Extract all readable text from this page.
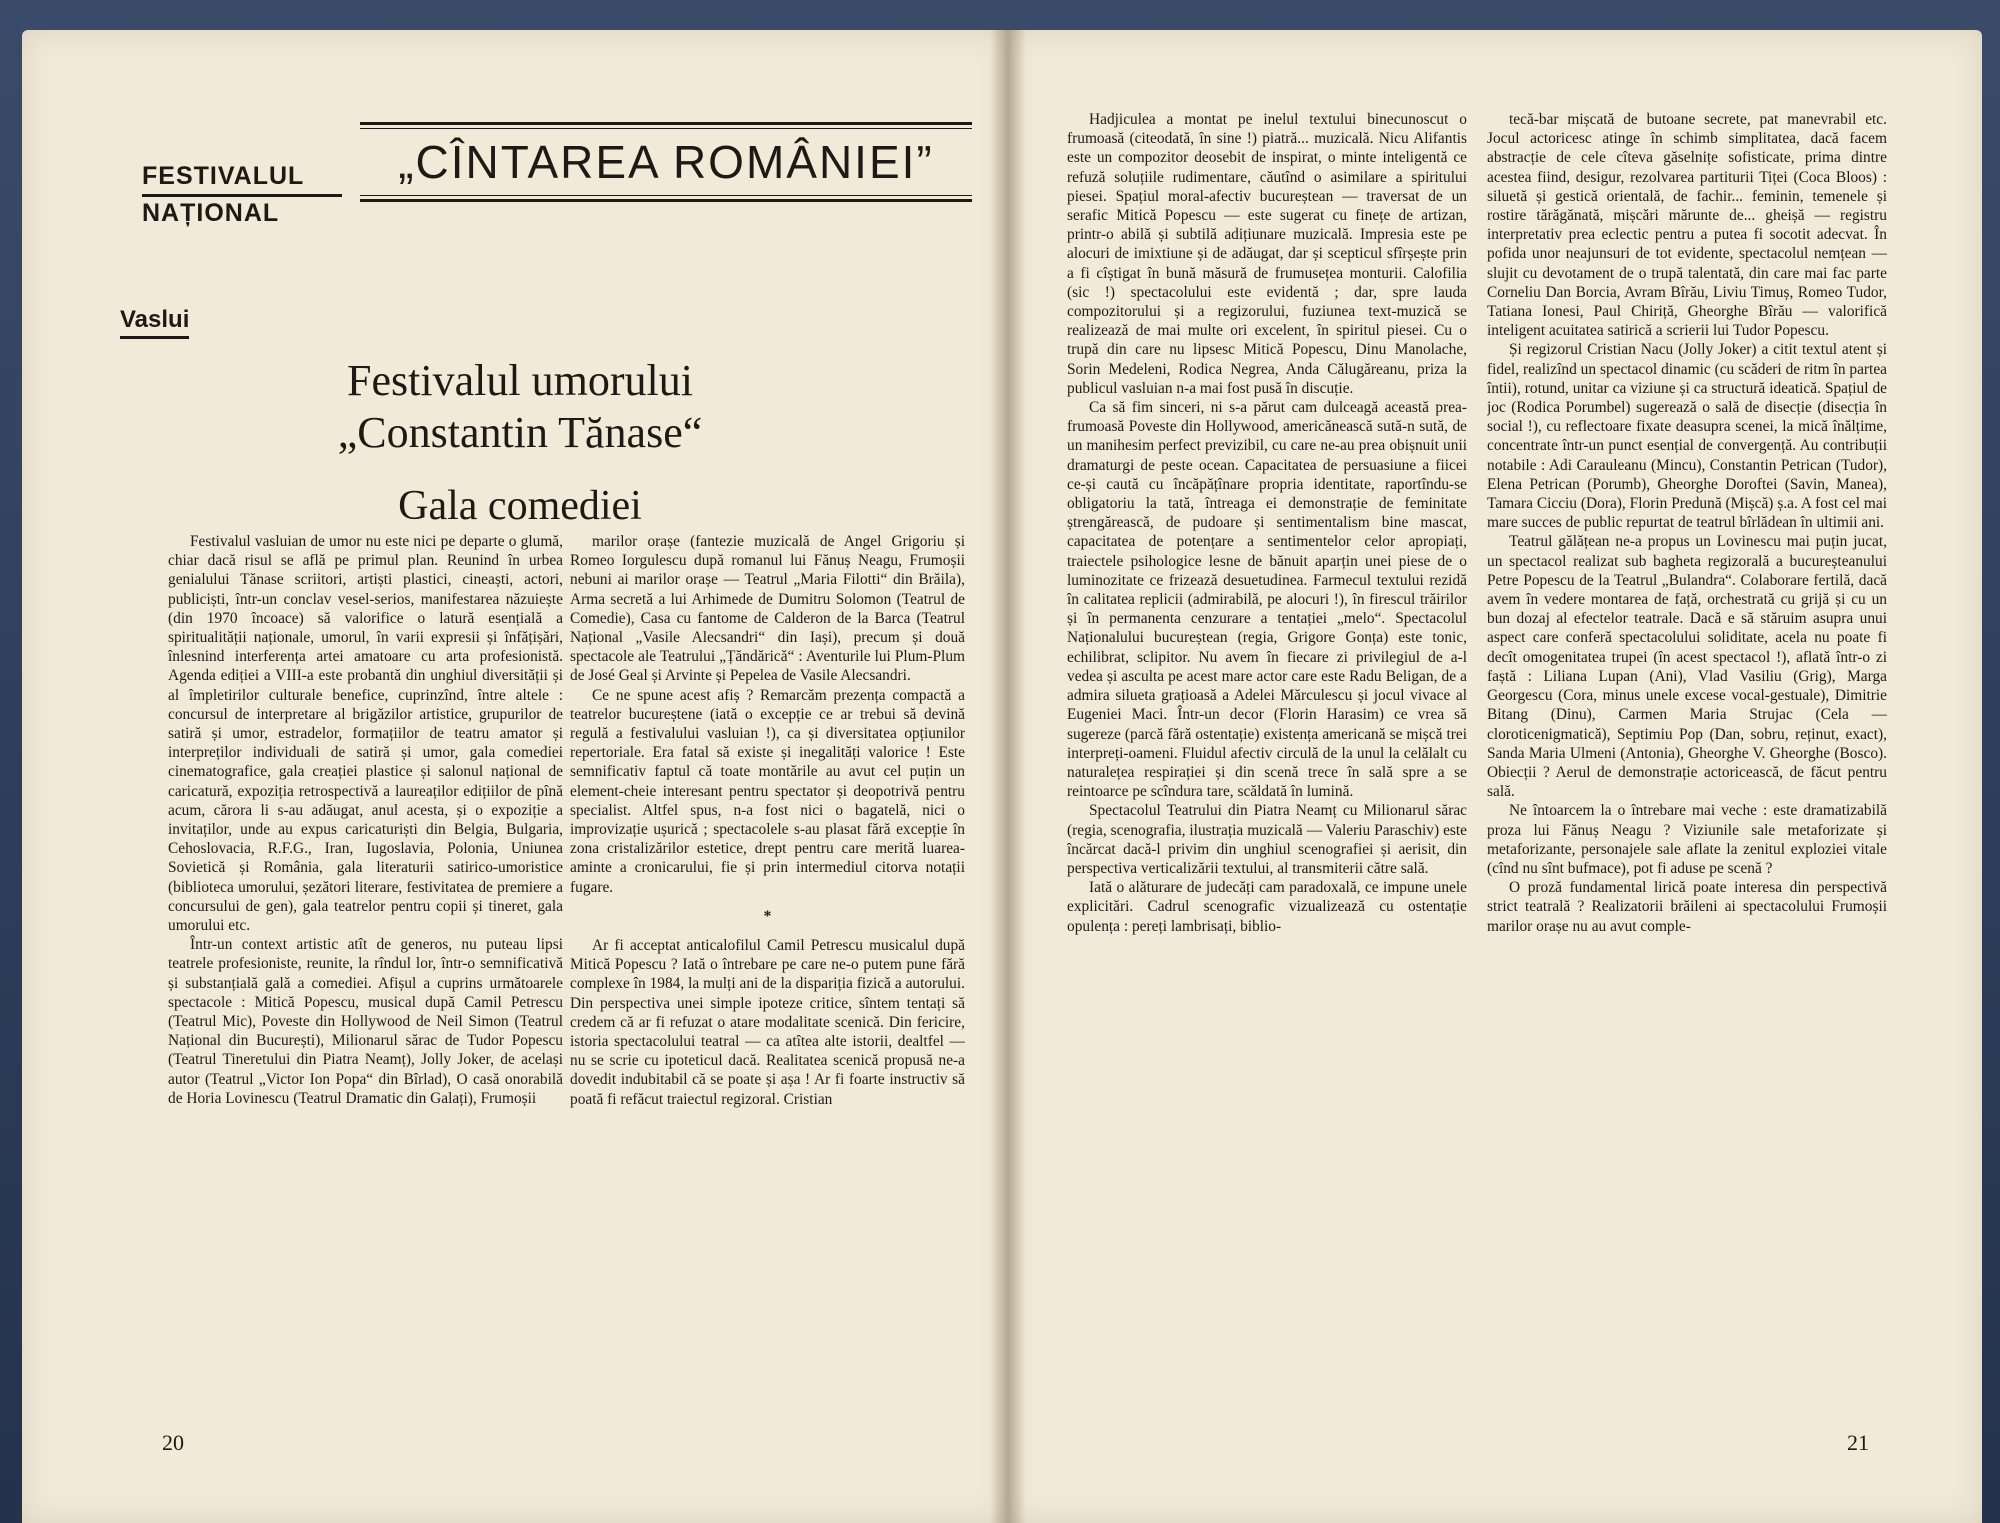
FESTIVALUL
NAȚIONAL
„CÎNTAREA ROMÂNIEI”
Vaslui
Festivalul umorului
„Constantin Tănase“
Gala comediei

Festivalul vasluian de umor nu este nici pe departe o glumă, chiar dacă risul se află pe primul plan. Reunind în urbea genialului Tănase scriitori, artiști plastici, cineaști, actori, publiciști, într-un conclav vesel-serios, manifestarea năzuiește (din 1970 încoace) să valorifice o latură esențială a spiritualității naționale, umorul, în varii expresii și înfățișări, înlesnind interferența artei amatoare cu arta profesionistă. Agenda ediției a VIII-a este probantă din unghiul diversității și al împletirilor culturale benefice, cuprinzînd, între altele : concursul de interpretare al brigăzilor artistice, grupurilor de satiră și umor, estradelor, formațiilor de teatru amator și interpreților individuali de satiră și umor, gala comediei cinematografice, gala creației plastice și salonul național de caricatură, expoziția retrospectivă a laureaților edițiilor de pînă acum, cărora li s-au adăugat, anul acesta, și o expoziție a invitaților, unde au expus caricaturiști din Belgia, Bulgaria, Cehoslovacia, R.F.G., Iran, Iugoslavia, Polonia, Uniunea Sovietică și România, gala literaturii satirico-umoristice (biblioteca umorului, șezători literare, festivitatea de premiere a concursului de gen), gala teatrelor pentru copii și tineret, gala umorului etc.

Într-un context artistic atît de generos, nu puteau lipsi teatrele profesioniste, reunite, la rîndul lor, într-o semnificativă și substanțială gală a comediei. Afișul a cuprins următoarele spectacole : Mitică Popescu, musical după Camil Petrescu (Teatrul Mic), Poveste din Hollywood de Neil Simon (Teatrul Național din București), Milionarul sărac de Tudor Popescu (Teatrul Tineretului din Piatra Neamț), Jolly Joker, de același autor (Teatrul „Victor Ion Popa“ din Bîrlad), O casă onorabilă de Horia Lovinescu (Teatrul Dramatic din Galați), Frumoșii

marilor orașe (fantezie muzicală de Angel Grigoriu și Romeo Iorgulescu după romanul lui Fănuș Neagu, Frumoșii nebuni ai marilor orașe — Teatrul „Maria Filotti“ din Brăila), Arma secretă a lui Arhimede de Dumitru Solomon (Teatrul de Comedie), Casa cu fantome de Calderon de la Barca (Teatrul Național „Vasile Alecsandri“ din Iași), precum și două spectacole ale Teatrului „Țăndărică“ : Aventurile lui Plum-Plum de José Geal și Arvinte și Pepelea de Vasile Alecsandri.

Ce ne spune acest afiș ? Remarcăm prezența compactă a teatrelor bucureștene (iată o excepție ce ar trebui să devină regulă a festivalului vasluian !), ca și diversitatea opțiunilor repertoriale. Era fatal să existe și inegalități valorice ! Este semnificativ faptul că toate montările au avut cel puțin un element-cheie interesant pentru spectator și deopotrivă pentru specialist. Altfel spus, n-a fost nici o bagatelă, nici o improvizație ușurică ; spectacolele s-au plasat fără excepție în zona cristalizărilor estetice, drept pentru care merită luarea-aminte a cronicarului, fie și prin intermediul citorva notații fugare.

*

Ar fi acceptat anticalofilul Camil Petrescu musicalul după Mitică Popescu ? Iată o întrebare pe care ne-o putem pune fără complexe în 1984, la mulți ani de la dispariția fizică a autorului. Din perspectiva unei simple ipoteze critice, sîntem tentați să credem că ar fi refuzat o atare modalitate scenică. Din fericire, istoria spectacolului teatral — ca atîtea alte istorii, dealtfel — nu se scrie cu ipoteticul dacă. Realitatea scenică propusă ne-a dovedit indubitabil că se poate și așa ! Ar fi foarte instructiv să poată fi refăcut traiectul regizoral. Cristian

20

Hadjiculea a montat pe inelul textului binecunoscut o frumoasă (citeodată, în sine !) piatră... muzicală. Nicu Alifantis este un compozitor deosebit de inspirat, o minte inteligentă ce refuză soluțiile rudimentare, căutînd o asimilare a spiritului piesei. Spațiul moral-afectiv bucureștean — traversat de un serafic Mitică Popescu — este sugerat cu finețe de artizan, printr-o abilă și subtilă adițiunare muzicală. Impresia este pe alocuri de imixtiune și de adăugat, dar și scepticul sfîrșește prin a fi cîștigat în bună măsură de frumusețea monturii. Calofilia (sic !) spectacolului este evidentă ; dar, spre lauda compozitorului și a regizorului, fuziunea text-muzică se realizează de mai multe ori excelent, în spiritul piesei. Cu o trupă din care nu lipsesc Mitică Popescu, Dinu Manolache, Sorin Medeleni, Rodica Negrea, Anda Călugăreanu, priza la publicul vasluian n-a mai fost pusă în discuție.

Ca să fim sinceri, ni s-a părut cam dulceagă această prea-frumoasă Poveste din Hollywood, americănească sută-n sută, de un manihesim perfect previzibil, cu care ne-au prea obișnuit unii dramaturgi de peste ocean. Capacitatea de persuasiune a fiicei ce-și caută cu încăpățînare propria identitate, raportîndu-se obligatoriu la tată, întreaga ei demonstrație de feminitate ștrengărească, de pudoare și sentimentalism bine mascat, capacitatea de potențare a sentimentelor celor apropiați, traiectele psihologice lesne de bănuit aparțin unei piese de o luminozitate ce frizează desuetudinea. Farmecul textului rezidă în calitatea replicii (admirabilă, pe alocuri !), în firescul trăirilor și în permanenta cenzurare a tentației „melo“. Spectacolul Naționalului bucureștean (regia, Grigore Gonța) este tonic, echilibrat, sclipitor. Nu avem în fiecare zi privilegiul de a-l vedea și asculta pe acest mare actor care este Radu Beligan, de a admira silueta grațioasă a Adelei Mărculescu și jocul vivace al Eugeniei Maci. Într-un decor (Florin Harasim) ce vrea să sugereze (parcă fără ostentație) existența americană se mișcă trei interpreți-oameni. Fluidul afectiv circulă de la unul la celălalt cu naturalețea respirației și din scenă trece în sală spre a se reintoarce pe scîndura tare, scăldată în lumină.

Spectacolul Teatrului din Piatra Neamț cu Milionarul sărac (regia, scenografia, ilustrația muzicală — Valeriu Paraschiv) este încărcat dacă-l privim din unghiul scenografiei și aerisit, din perspectiva verticalizării textului, al transmiterii către sală.

Iată o alăturare de judecăți cam paradoxală, ce impune unele explicitări. Cadrul scenografic vizualizează cu ostentație opulența : pereți lambrisați, biblio-

tecă-bar mișcată de butoane secrete, pat manevrabil etc. Jocul actoricesc atinge în schimb simplitatea, dacă facem abstracție de cele cîteva găselnițe sofisticate, prima dintre acestea fiind, desigur, rezolvarea partiturii Tiței (Coca Bloos) : siluetă și gestică orientală, de fachir... feminin, temenele și rostire tărăgănată, mișcări mărunte de... gheișă — registru interpretativ prea eclectic pentru a putea fi socotit adecvat. În pofida unor neajunsuri de tot evidente, spectacolul nemțean — slujit cu devotament de o trupă talentată, din care mai fac parte Corneliu Dan Borcia, Avram Bîrău, Liviu Timuș, Romeo Tudor, Tatiana Ionesi, Paul Chiriță, Gheorghe Bîrău — valorifică inteligent acuitatea satirică a scrierii lui Tudor Popescu.

Și regizorul Cristian Nacu (Jolly Joker) a citit textul atent și fidel, realizînd un spectacol dinamic (cu scăderi de ritm în partea întii), rotund, unitar ca viziune și ca structură ideatică. Spațiul de joc (Rodica Porumbel) sugerează o sală de disecție (disecția în social !), cu reflectoare fixate deasupra scenei, la mică înălțime, concentrate într-un punct esențial de convergență. Au contribuții notabile : Adi Carauleanu (Mincu), Constantin Petrican (Tudor), Elena Petrican (Porumb), Gheorghe Doroftei (Savin, Manea), Tamara Cicciu (Dora), Florin Predună (Mișcă) ș.a. A fost cel mai mare succes de public repurtat de teatrul bîrlădean în ultimii ani.

Teatrul gălățean ne-a propus un Lovinescu mai puțin jucat, un spectacol realizat sub bagheta regizorală a bucureșteanului Petre Popescu de la Teatrul „Bulandra“. Colaborare fertilă, dacă avem în vedere montarea de față, orchestrată cu grijă și cu un bun dozaj al efectelor teatrale. Dacă e să stăruim asupra unui aspect care conferă spectacolului soliditate, acela nu poate fi decît omogenitatea trupei (în acest spectacol !), aflată într-o zi faștă : Liliana Lupan (Ani), Vlad Vasiliu (Grig), Marga Georgescu (Cora, minus unele excese vocal-gestuale), Dimitrie Bitang (Dinu), Carmen Maria Strujac (Cela — cloroticenigmatică), Septimiu Pop (Dan, sobru, reținut, exact), Sanda Maria Ulmeni (Antonia), Gheorghe V. Gheorghe (Bosco). Obiecții ? Aerul de demonstrație actoricească, de făcut pentru sală.

Ne întoarcem la o întrebare mai veche : este dramatizabilă proza lui Fănuș Neagu ? Viziunile sale metaforizate și metaforizante, personajele sale aflate la zenitul exploziei vitale (cînd nu sînt bufmace), pot fi aduse pe scenă ?

O proză fundamental lirică poate interesa din perspectivă strict teatrală ? Realizatorii brăileni ai spectacolului Frumoșii marilor orașe nu au avut comple-

21
